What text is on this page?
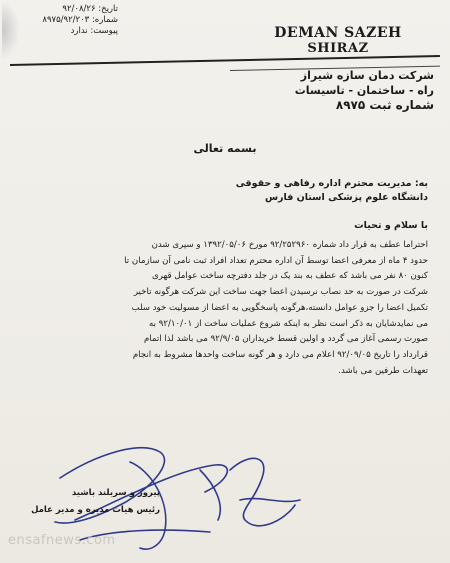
تاریخ: ۹۲/۰۸/۲۶
شماره: ۸۹۷۵/۹۲/۲۰۳
پیوست: ندارد	DEMAN SAZEH
SHIRAZ
شرکت دمان سازه شیراز
راه - ساختمان - تاسیسات
شماره ثبت ۸۹۷۵
بسمه تعالی
به: مدیریت محترم اداره رفاهی و حقوقی
دانشگاه علوم پزشکی استان فارس
با سلام و تحیات
احتراما عطف به قرار داد شماره ۹۲/۲۵۲۹۶۰ مورخ ۱۳۹۲/۰۵/۰۶ و سپری شدن
حدود ۴ ماه از معرفی اعضا توسط آن اداره محترم تعداد افراد ثبت نامی آن سازمان تا
کنون ۸۰ نفر می باشد که عطف به بند یک در جلد دفترچه ساخت عوامل قهری
شرکت در صورت به حد نصاب نرسیدن اعضا جهت ساخت این شرکت هرگونه تاخیر
تکمیل اعضا را جزو عوامل دانسته،هرگونه پاسخگویی به اعضا از مسولیت خود سلب
می نمایدشایان به ذکر است نظر به اینکه شروع عملیات ساخت از ۹۲/۱۰/۰۱ به
صورت رسمی آغاز می گردد و اولین قسط خریداران ۹۲/۹/۰۵ می باشد لذا اتمام
قرارداد را تاریخ ۹۲/۰۹/۰۵ اعلام می دارد و هر گونه ساخت واحدها مشروط به انجام
تعهدات طرفین می باشد.
پیروز و سربلند باشید
رئیس هیات مدیره و مدیر عامل
ensafnews.com
